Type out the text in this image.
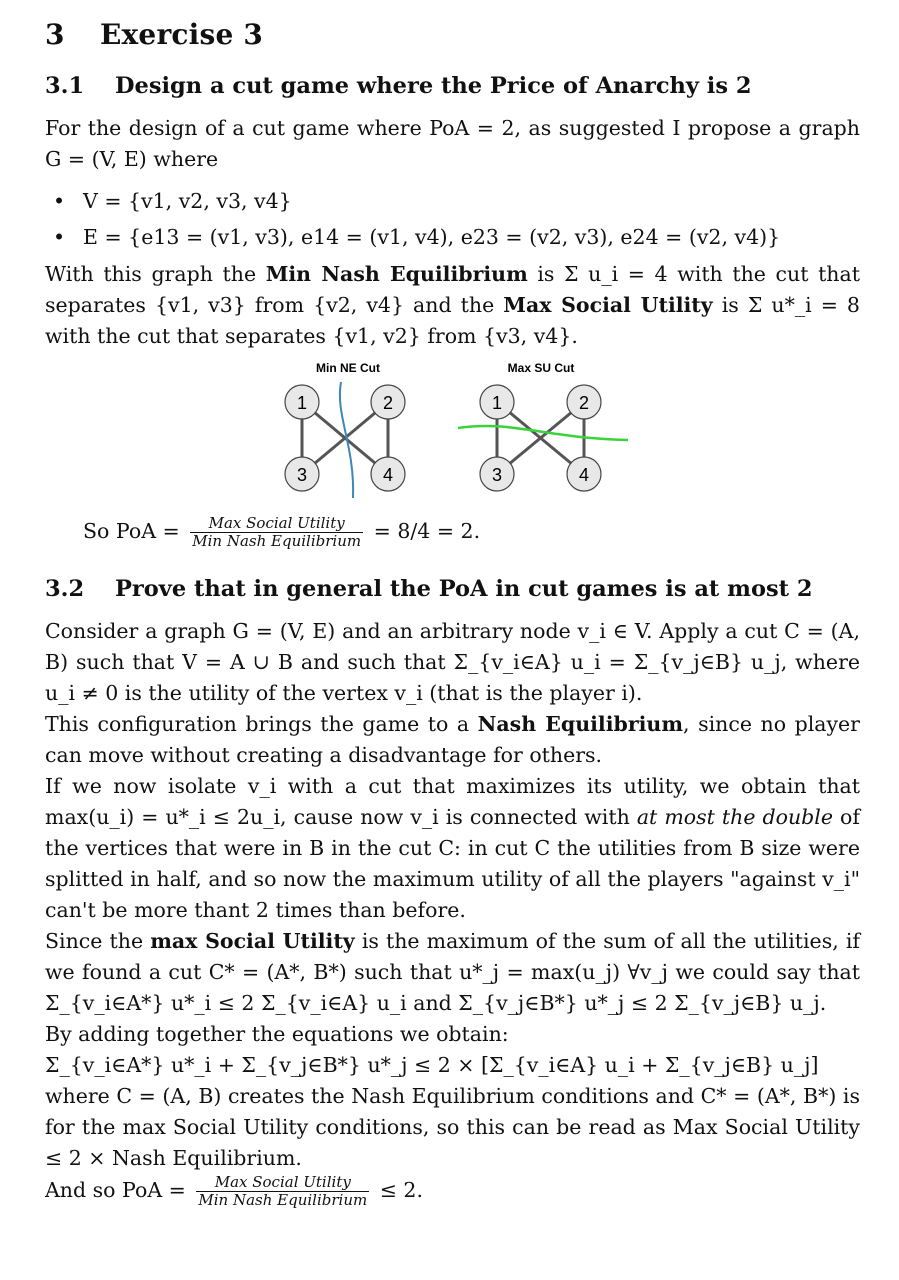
3 Exercise 3
3.1 Design a cut game where the Price of Anarchy is 2

For the design of a cut game where PoA = 2, as suggested I propose a graph G = (V, E) where

• V = {v1, v2, v3, v4}
• E = {e13 = (v1, v3), e14 = (v1, v4), e23 = (v2, v3), e24 = (v2, v4)}

With this graph the Min Nash Equilibrium is Σ u_i = 4 with the cut that separates {v1, v3} from {v2, v4} and the Max Social Utility is Σ u*_i = 8 with the cut that separates {v1, v2} from {v3, v4}.

Min NE Cut
1	2
3	4
Max SU Cut
1	2
3	4
So PoA = $\frac{\text{Max Social Utility}}{\text{Min Nash Equilibrium}} = 8/4 = 2$.
3.2 Prove that in general the PoA in cut games is at most 2

Consider a graph G = (V, E) and an arbitrary node v_i ∈ V. Apply a cut C = (A, B) such that V = A ∪ B and such that Σ_{v_i∈A} u_i = Σ_{v_j∈B} u_j, where u_i ≠ 0 is the utility of the vertex v_i (that is the player i).

This configuration brings the game to a Nash Equilibrium, since no player can move without creating a disadvantage for others.

If we now isolate v_i with a cut that maximizes its utility, we obtain that max(u_i) = u*_i ≤ 2u_i, cause now v_i is connected with at most the double of the vertices that were in B in the cut C: in cut C the utilities from B size were splitted in half, and so now the maximum utility of all the players "against v_i" can't be more thant 2 times than before.

Since the max Social Utility is the maximum of the sum of all the utilities, if we found a cut C* = (A*, B*) such that u*_j = max(u_j) ∀v_j we could say that Σ_{v_i∈A*} u*_i ≤ 2 Σ_{v_i∈A} u_i and Σ_{v_j∈B*} u*_j ≤ 2 Σ_{v_j∈B} u_j.

By adding together the equations we obtain:

Σ_{v_i∈A*} u*_i + Σ_{v_j∈B*} u*_j ≤ 2 × [Σ_{v_i∈A} u_i + Σ_{v_j∈B} u_j]

where C = (A, B) creates the Nash Equilibrium conditions and C* = (A*, B*) is for the max Social Utility conditions, so this can be read as Max Social Utility ≤ 2 × Nash Equilibrium.

And so PoA = $\frac{\text{Max Social Utility}}{\text{Min Nash Equilibrium}} \le 2$.
